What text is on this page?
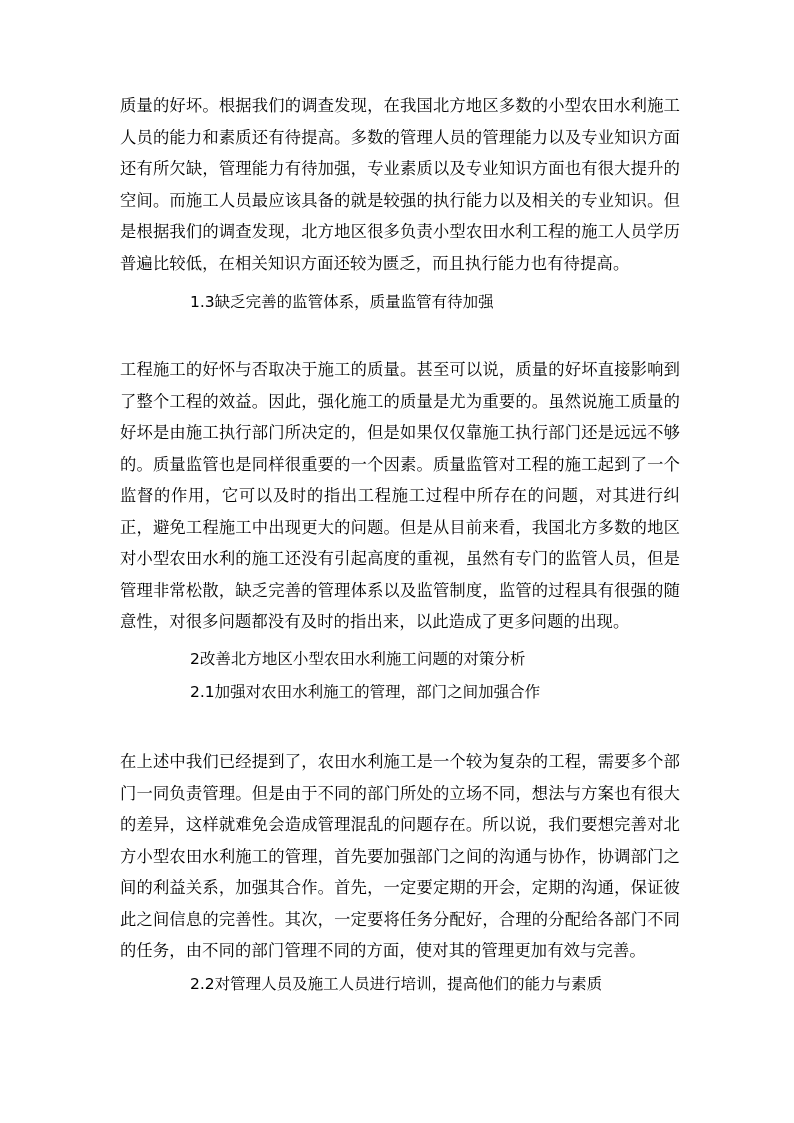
质量的好坏。根据我们的调查发现，在我国北方地区多数的小型农田水利施工人员的能力和素质还有待提高。多数的管理人员的管理能力以及专业知识方面还有所欠缺，管理能力有待加强，专业素质以及专业知识方面也有很大提升的空间。而施工人员最应该具备的就是较强的执行能力以及相关的专业知识。但是根据我们的调查发现，北方地区很多负责小型农田水利工程的施工人员学历普遍比较低，在相关知识方面还较为匮乏，而且执行能力也有待提高。

1.3缺乏完善的监管体系，质量监管有待加强

工程施工的好怀与否取决于施工的质量。甚至可以说，质量的好坏直接影响到了整个工程的效益。因此，强化施工的质量是尤为重要的。虽然说施工质量的好坏是由施工执行部门所决定的，但是如果仅仅靠施工执行部门还是远远不够的。质量监管也是同样很重要的一个因素。质量监管对工程的施工起到了一个监督的作用，它可以及时的指出工程施工过程中所存在的问题，对其进行纠正，避免工程施工中出现更大的问题。但是从目前来看，我国北方多数的地区对小型农田水利的施工还没有引起高度的重视，虽然有专门的监管人员，但是管理非常松散，缺乏完善的管理体系以及监管制度，监管的过程具有很强的随意性，对很多问题都没有及时的指出来，以此造成了更多问题的出现。

2改善北方地区小型农田水利施工问题的对策分析

2.1加强对农田水利施工的管理，部门之间加强合作

在上述中我们已经提到了，农田水利施工是一个较为复杂的工程，需要多个部门一同负责管理。但是由于不同的部门所处的立场不同，想法与方案也有很大的差异，这样就难免会造成管理混乱的问题存在。所以说，我们要想完善对北方小型农田水利施工的管理，首先要加强部门之间的沟通与协作，协调部门之间的利益关系，加强其合作。首先，一定要定期的开会，定期的沟通，保证彼此之间信息的完善性。其次，一定要将任务分配好，合理的分配给各部门不同的任务，由不同的部门管理不同的方面，使对其的管理更加有效与完善。

2.2对管理人员及施工人员进行培训，提高他们的能力与素质
